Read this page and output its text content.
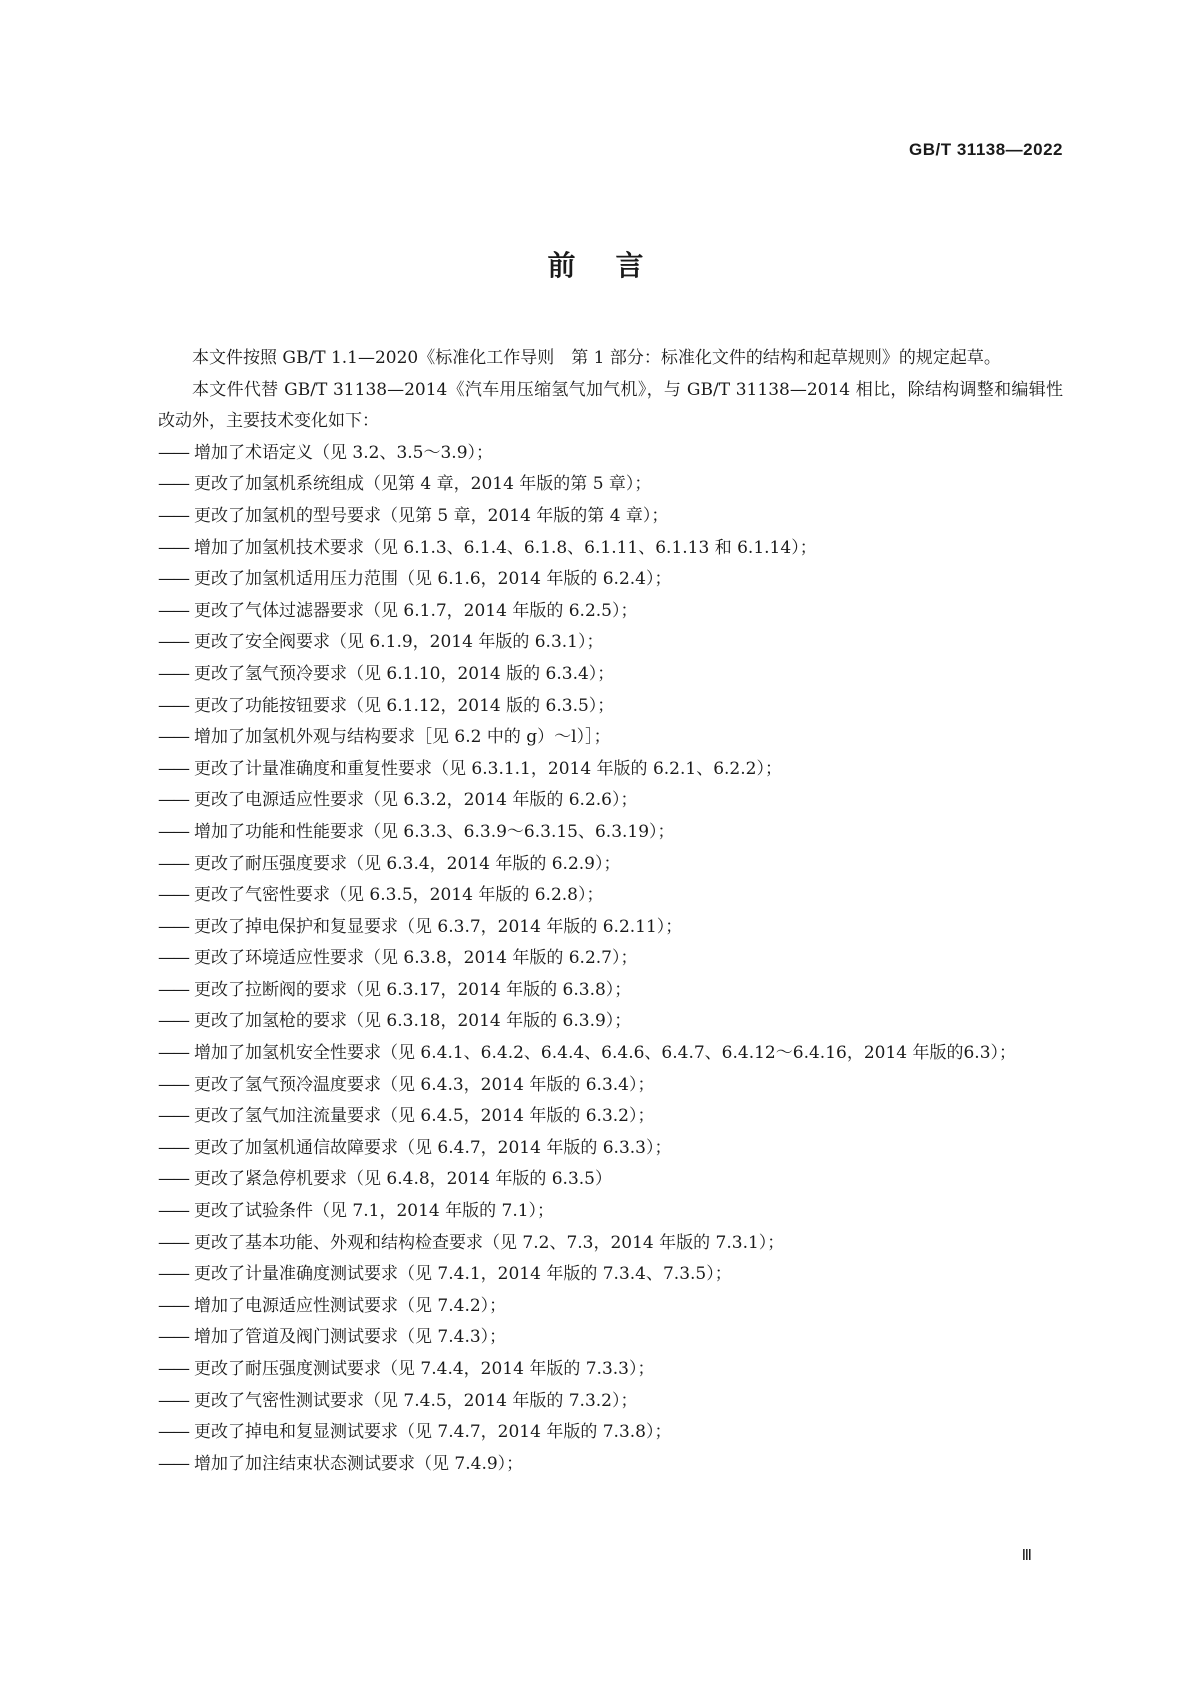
GB/T 31138—2022
前言

本文件按照 GB/T 1.1—2020《标准化工作导则　第 1 部分：标准化文件的结构和起草规则》的规定起草。

本文件代替 GB/T 31138—2014《汽车用压缩氢气加气机》，与 GB/T 31138—2014 相比，除结构调整和编辑性改动外，主要技术变化如下：

—— 增加了术语定义（见 3.2、3.5～3.9）；
—— 更改了加氢机系统组成（见第 4 章，2014 年版的第 5 章）；
—— 更改了加氢机的型号要求（见第 5 章，2014 年版的第 4 章）；
—— 增加了加氢机技术要求（见 6.1.3、6.1.4、6.1.8、6.1.11、6.1.13 和 6.1.14）；
—— 更改了加氢机适用压力范围（见 6.1.6，2014 年版的 6.2.4）；
—— 更改了气体过滤器要求（见 6.1.7，2014 年版的 6.2.5）；
—— 更改了安全阀要求（见 6.1.9，2014 年版的 6.3.1）；
—— 更改了氢气预冷要求（见 6.1.10，2014 版的 6.3.4）；
—— 更改了功能按钮要求（见 6.1.12，2014 版的 6.3.5）；
—— 增加了加氢机外观与结构要求［见 6.2 中的 g）～l）］；
—— 更改了计量准确度和重复性要求（见 6.3.1.1，2014 年版的 6.2.1、6.2.2）；
—— 更改了电源适应性要求（见 6.3.2，2014 年版的 6.2.6）；
—— 增加了功能和性能要求（见 6.3.3、6.3.9～6.3.15、6.3.19）；
—— 更改了耐压强度要求（见 6.3.4，2014 年版的 6.2.9）；
—— 更改了气密性要求（见 6.3.5，2014 年版的 6.2.8）；
—— 更改了掉电保护和复显要求（见 6.3.7，2014 年版的 6.2.11）；
—— 更改了环境适应性要求（见 6.3.8，2014 年版的 6.2.7）；
—— 更改了拉断阀的要求（见 6.3.17，2014 年版的 6.3.8）；
—— 更改了加氢枪的要求（见 6.3.18，2014 年版的 6.3.9）；
—— 增加了加氢机安全性要求（见 6.4.1、6.4.2、6.4.4、6.4.6、6.4.7、6.4.12～6.4.16，2014 年版的6.3）；
—— 更改了氢气预冷温度要求（见 6.4.3，2014 年版的 6.3.4）；
—— 更改了氢气加注流量要求（见 6.4.5，2014 年版的 6.3.2）；
—— 更改了加氢机通信故障要求（见 6.4.7，2014 年版的 6.3.3）；
—— 更改了紧急停机要求（见 6.4.8，2014 年版的 6.3.5）
—— 更改了试验条件（见 7.1，2014 年版的 7.1）；
—— 更改了基本功能、外观和结构检查要求（见 7.2、7.3，2014 年版的 7.3.1）；
—— 更改了计量准确度测试要求（见 7.4.1，2014 年版的 7.3.4、7.3.5）；
—— 增加了电源适应性测试要求（见 7.4.2）；
—— 增加了管道及阀门测试要求（见 7.4.3）；
—— 更改了耐压强度测试要求（见 7.4.4，2014 年版的 7.3.3）；
—— 更改了气密性测试要求（见 7.4.5，2014 年版的 7.3.2）；
—— 更改了掉电和复显测试要求（见 7.4.7，2014 年版的 7.3.8）；
—— 增加了加注结束状态测试要求（见 7.4.9）；
Ⅲ
